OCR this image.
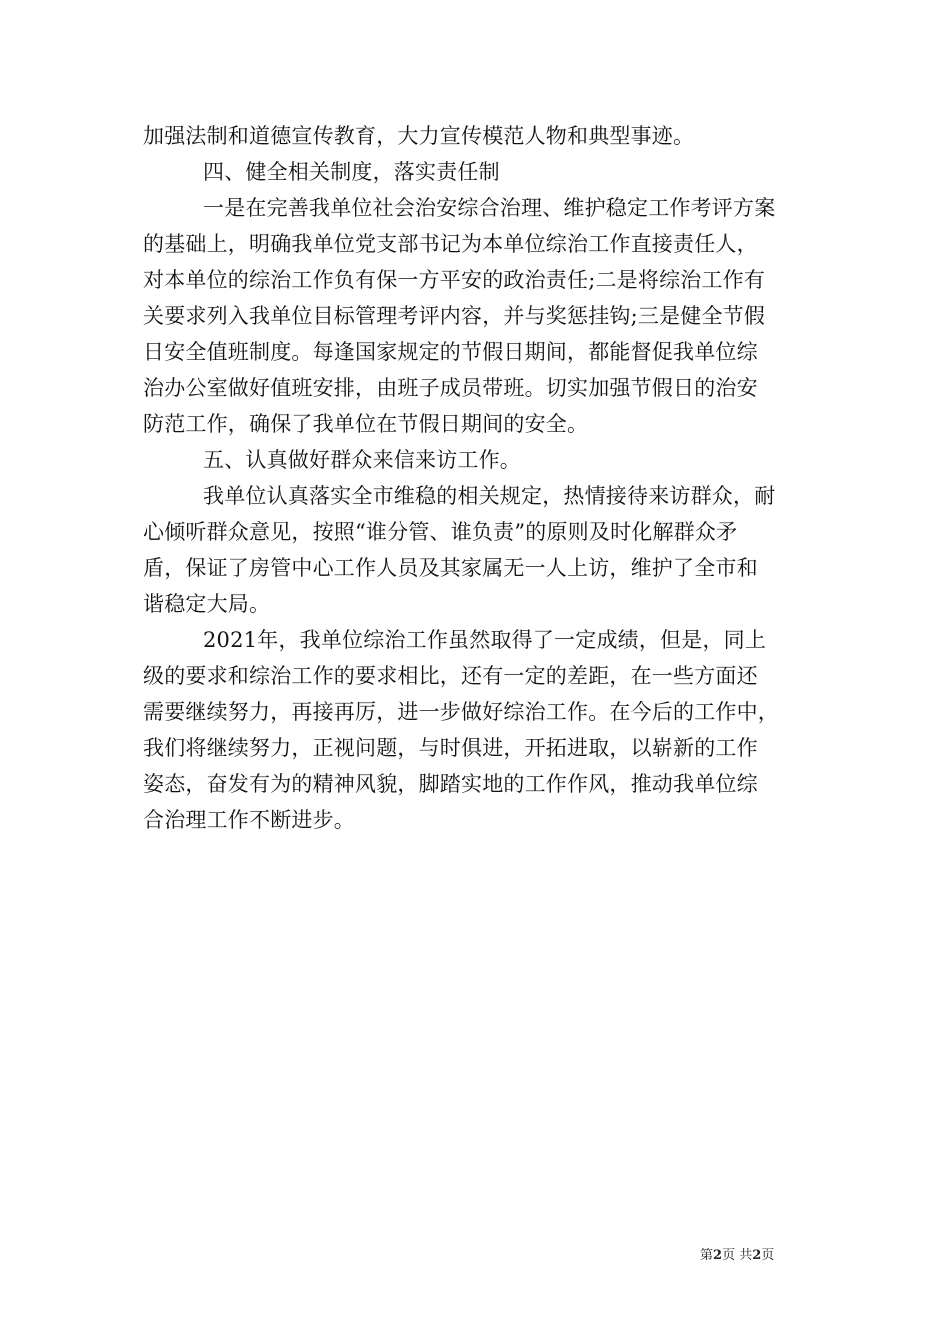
加强法制和道德宣传教育，大力宣传模范人物和典型事迹。
四、健全相关制度，落实责任制
一是在完善我单位社会治安综合治理、维护稳定工作考评方案
的基础上，明确我单位党支部书记为本单位综治工作直接责任人，
对本单位的综治工作负有保一方平安的政治责任;二是将综治工作有
关要求列入我单位目标管理考评内容，并与奖惩挂钩;三是健全节假
日安全值班制度。每逢国家规定的节假日期间，都能督促我单位综
治办公室做好值班安排，由班子成员带班。切实加强节假日的治安
防范工作，确保了我单位在节假日期间的安全。
五、认真做好群众来信来访工作。
我单位认真落实全市维稳的相关规定，热情接待来访群众，耐
心倾听群众意见，按照“谁分管、谁负责”的原则及时化解群众矛
盾，保证了房管中心工作人员及其家属无一人上访，维护了全市和
谐稳定大局。
2021年，我单位综治工作虽然取得了一定成绩，但是，同上
级的要求和综治工作的要求相比，还有一定的差距，在一些方面还
需要继续努力，再接再厉，进一步做好综治工作。在今后的工作中，
我们将继续努力，正视问题，与时俱进，开拓进取，以崭新的工作
姿态，奋发有为的精神风貌，脚踏实地的工作作风，推动我单位综
合治理工作不断进步。
第2页 共2页
